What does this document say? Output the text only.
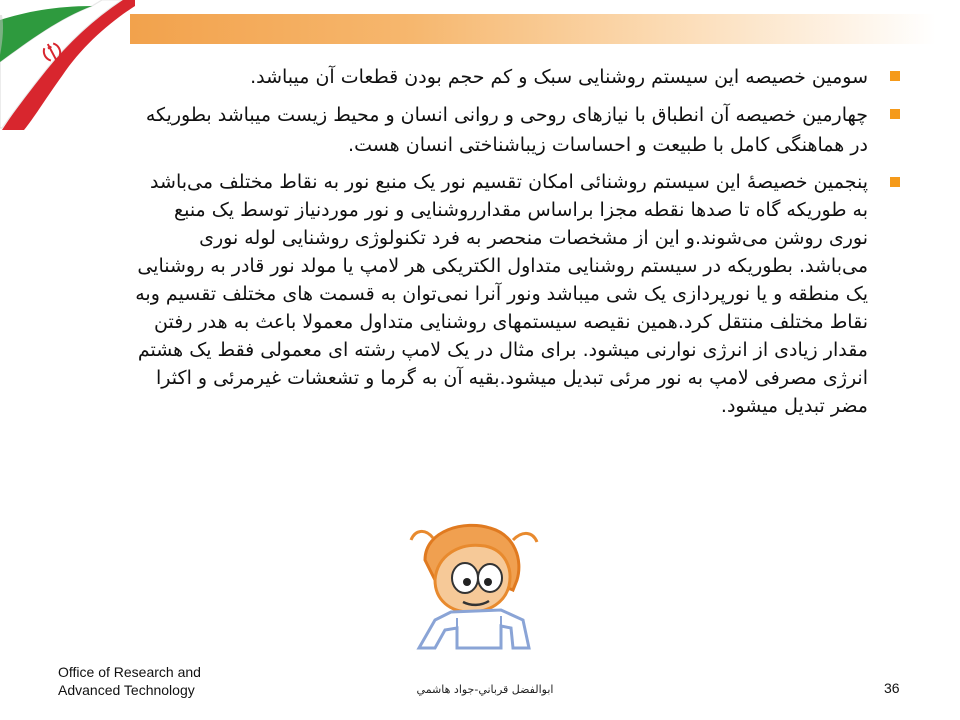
سومین خصیصه این سیستم روشنایی سبک و کم حجم بودن قطعات آن میباشد.

چهارمین خصیصه آن انطباق با نیازهای روحی و روانی انسان و محیط زیست میباشد بطوریکه در هماهنگی کامل با طبیعت و احساسات زیباشناختی انسان هست.

پنجمین خصیصهٔ این سیستم روشنائی امکان تقسیم نور یک منبع نور به نقاط مختلف می‌باشد به طوریکه گاه تا صدها نقطه مجزا براساس مقدارروشنایی و نور موردنیاز توسط یک منبع نوری روشن می‌شوند.و این از مشخصات منحصر به فرد تکنولوژی روشنایی لوله نوری می‌باشد. بطوریکه در سیستم روشنایی متداول الکتریکی هر لامپ یا مولد نور قادر به روشنایی یک منطقه و یا نورپردازی یک شی میباشد ونور آنرا نمی‌توان به قسمت های مختلف تقسیم وبه نقاط مختلف منتقل کرد.همین نقیصه سیستمهای روشنایی متداول معمولا باعث به هدر رفتن مقدار زیادی از انرژی نوارنی میشود. برای مثال در یک لامپ رشته ای معمولی فقط یک هشتم انرژی مصرفی لامپ به نور مرئی تبدیل میشود.بقیه آن به گرما و تشعشات غیرمرئی و اکثرا مضر تبدیل میشود.

Office of Research and
Advanced Technology	ابوالفضل قرباني-جواد هاشمي	36
